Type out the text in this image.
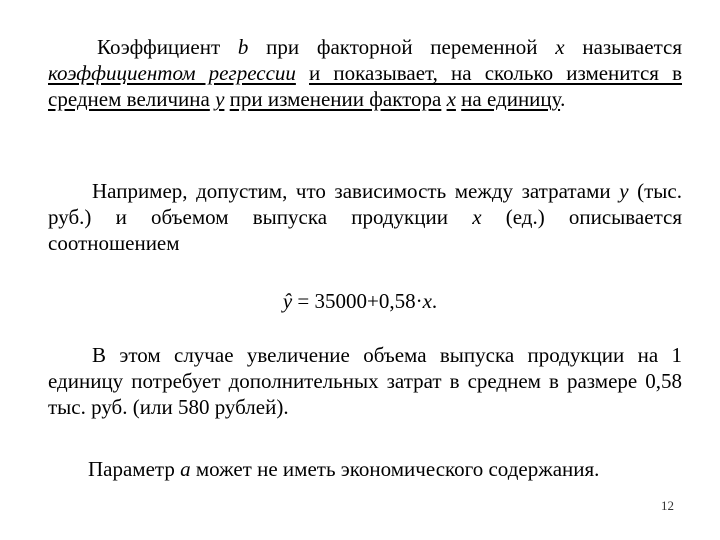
Коэффициент b при факторной переменной x называется коэффициентом регрессии и показывает, на сколько изменится в среднем величина y при изменении фактора x на единицу.
Например, допустим, что зависимость между затратами y (тыс. руб.) и объемом выпуска продукции x (ед.) описывается соотношением
ŷ = 35000+0,58·x.
В этом случае увеличение объема выпуска продукции на 1 единицу потребует дополнительных затрат в среднем в размере 0,58 тыс. руб. (или 580 рублей).
Параметр a может не иметь экономического содержания.
12
